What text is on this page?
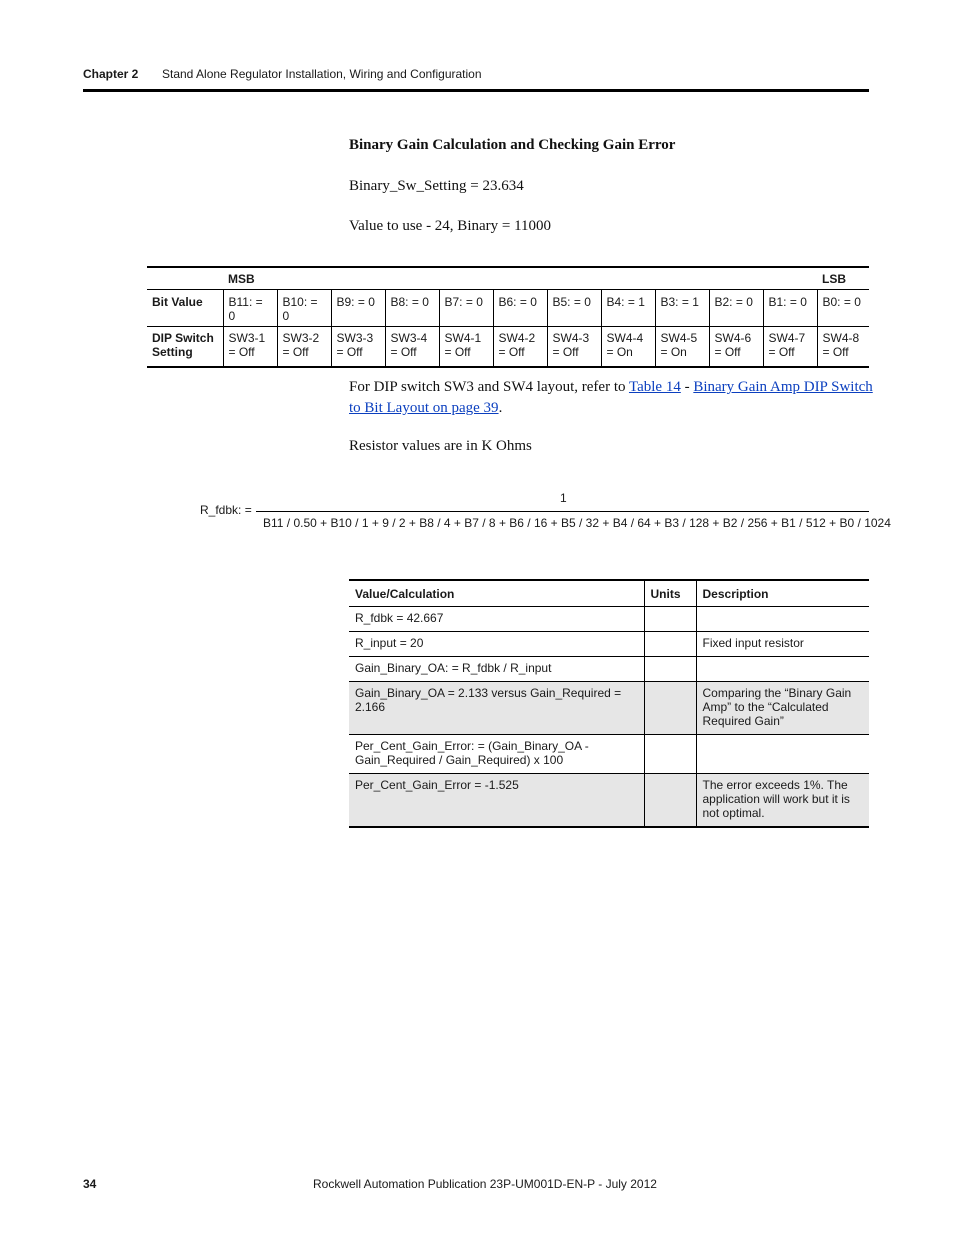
Chapter 2 Stand Alone Regulator Installation, Wiring and Configuration
Binary Gain Calculation and Checking Gain Error
Binary_Sw_Setting = 23.634
Value to use - 24, Binary = 11000
	MSB											LSB
Bit Value	B11: = 0	B10: = 0	B9: = 0	B8: = 0	B7: = 0	B6: = 0	B5: = 0	B4: = 1	B3: = 1	B2: = 0	B1: = 0	B0: = 0
DIP Switch Setting	SW3-1 = Off	SW3-2 = Off	SW3-3 = Off	SW3-4 = Off	SW4-1 = Off	SW4-2 = Off	SW4-3 = Off	SW4-4 = On	SW4-5 = On	SW4-6 = Off	SW4-7 = Off	SW4-8 = Off
For DIP switch SW3 and SW4 layout, refer to Table 14 - Binary Gain Amp DIP Switch to Bit Layout on page 39.
Resistor values are in K Ohms
R_fdbk: =
1
B11 / 0.50 + B10 / 1 + 9 / 2 + B8 / 4 + B7 / 8 + B6 / 16 + B5 / 32 + B4 / 64 + B3 / 128 + B2 / 256 + B1 / 512 + B0 / 1024
Value/Calculation	Units	Description
R_fdbk = 42.667		
R_input = 20		Fixed input resistor
Gain_Binary_OA: = R_fdbk / R_input		
Gain_Binary_OA = 2.133 versus Gain_Required = 2.166		Comparing the “Binary Gain Amp” to the “Calculated Required Gain”
Per_Cent_Gain_Error: = (Gain_Binary_OA - Gain_Required / Gain_Required) x 100		
Per_Cent_Gain_Error = -1.525		The error exceeds 1%. The application will work but it is not optimal.
34	Rockwell Automation Publication 23P-UM001D-EN-P - July 2012
